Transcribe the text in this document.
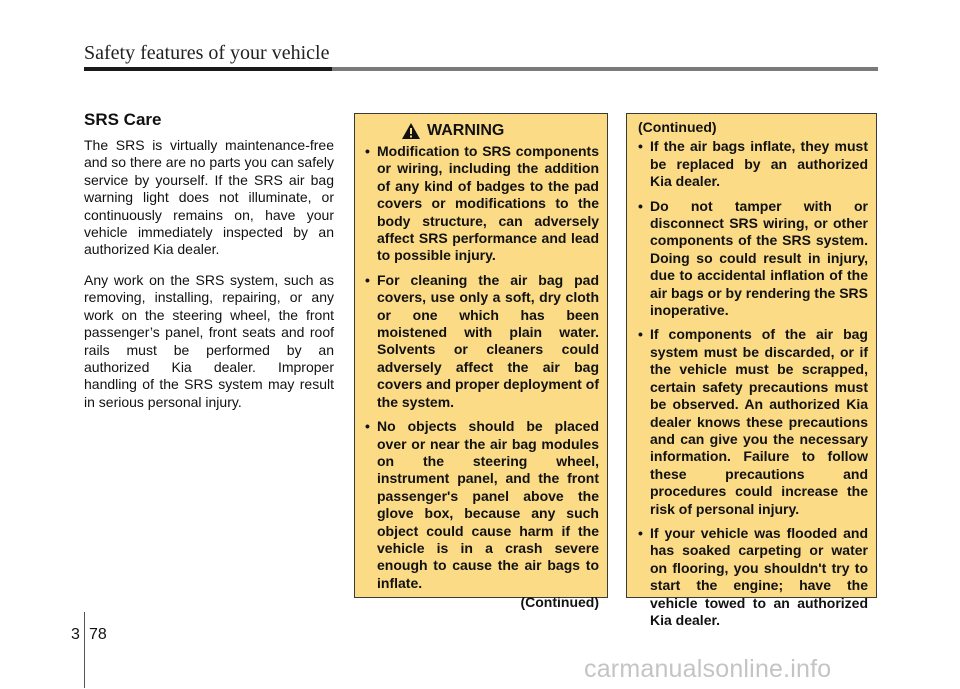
Safety features of your vehicle
SRS Care

The SRS is virtually maintenance-free and so there are no parts you can safely service by yourself. If the SRS air bag warning light does not illuminate, or continuously remains on, have your vehicle immediately inspected by an authorized Kia dealer.

Any work on the SRS system, such as removing, installing, repairing, or any work on the steering wheel, the front passenger’s panel, front seats and roof rails must be performed by an authorized Kia dealer. Improper handling of the SRS system may result in serious personal injury.

WARNING
• Modification to SRS components or wiring, including the addition of any kind of badges to the pad covers or modifications to the body structure, can adversely affect SRS performance and lead to possible injury.
• For cleaning the air bag pad covers, use only a soft, dry cloth or one which has been moistened with plain water. Solvents or cleaners could adversely affect the air bag covers and proper deployment of the system.
• No objects should be placed over or near the air bag modules on the steering wheel, instrument panel, and the front passenger's panel above the glove box, because any such object could cause harm if the vehicle is in a crash severe enough to cause the air bags to inflate.
(Continued)
(Continued)
• If the air bags inflate, they must be replaced by an authorized Kia dealer.
• Do not tamper with or disconnect SRS wiring, or other components of the SRS system. Doing so could result in injury, due to accidental inflation of the air bags or by rendering the SRS inoperative.
• If components of the air bag system must be discarded, or if the vehicle must be scrapped, certain safety precautions must be observed. An authorized Kia dealer knows these precautions and can give you the necessary information. Failure to follow these precautions and procedures could increase the risk of personal injury.
• If your vehicle was flooded and has soaked carpeting or water on flooring, you shouldn't try to start the engine; have the vehicle towed to an authorized Kia dealer.
3 78
carmanualsonline.info
